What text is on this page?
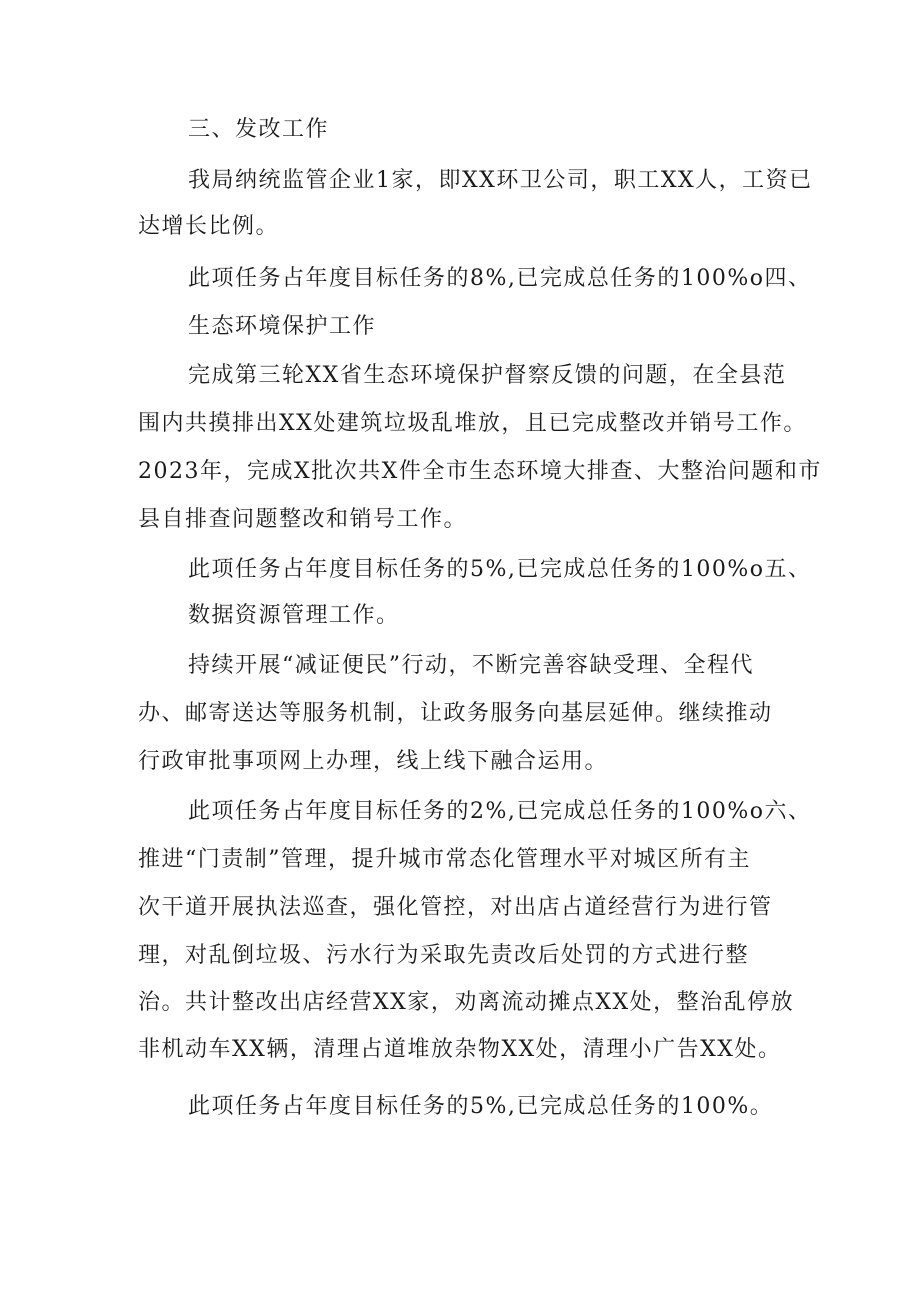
三、发改工作
我局纳统监管企业1家，即XX环卫公司，职工XX人，工资已
达增长比例。
此项任务占年度目标任务的8%,已完成总任务的100%o四、
生态环境保护工作
完成第三轮XX省生态环境保护督察反馈的问题，在全县范
围内共摸排出XX处建筑垃圾乱堆放，且已完成整改并销号工作。
2023年，完成X批次共X件全市生态环境大排查、大整治问题和市
县自排查问题整改和销号工作。
此项任务占年度目标任务的5%,已完成总任务的100%o五、
数据资源管理工作。
持续开展“减证便民”行动，不断完善容缺受理、全程代
办、邮寄送达等服务机制，让政务服务向基层延伸。继续推动
行政审批事项网上办理，线上线下融合运用。
此项任务占年度目标任务的2%,已完成总任务的100%o六、
推进“门责制”管理，提升城市常态化管理水平对城区所有主
次干道开展执法巡查，强化管控，对出店占道经营行为进行管
理，对乱倒垃圾、污水行为采取先责改后处罚的方式进行整
治。共计整改出店经营XX家，劝离流动摊点XX处，整治乱停放
非机动车XX辆，清理占道堆放杂物XX处，清理小广告XX处。
此项任务占年度目标任务的5%,已完成总任务的100%。
